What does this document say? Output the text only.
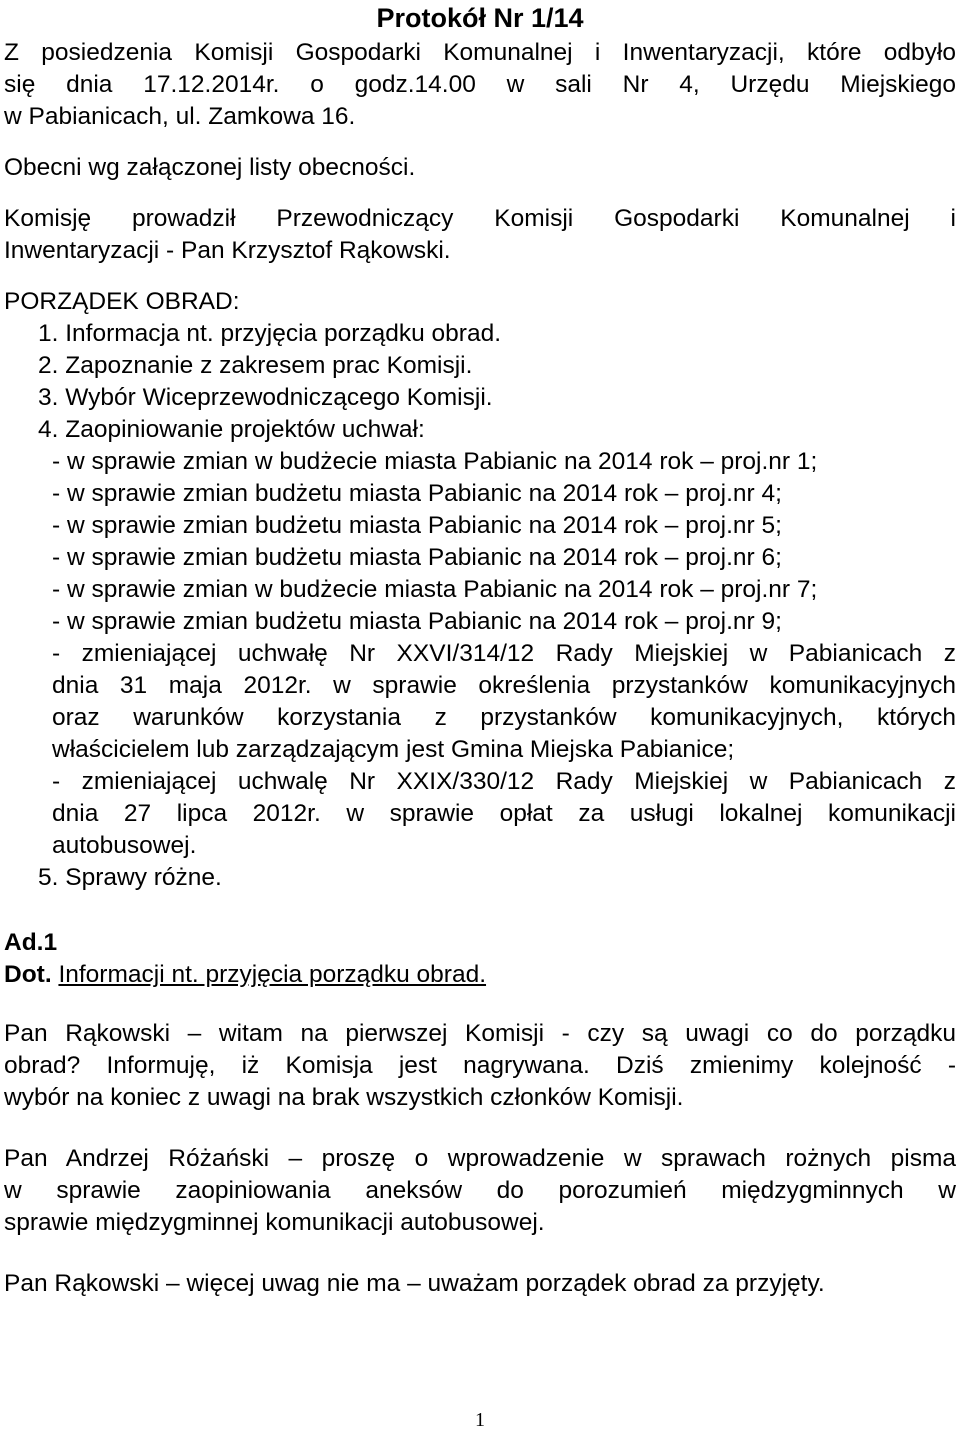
Protokół Nr 1/14
Z posiedzenia Komisji Gospodarki Komunalnej i Inwentaryzacji, które odbyło
się dnia 17.12.2014r. o godz.14.00 w sali Nr 4, Urzędu Miejskiego
w Pabianicach, ul. Zamkowa 16.
Obecni wg załączonej listy obecności.
Komisję prowadził Przewodniczący Komisji Gospodarki Komunalnej i
Inwentaryzacji - Pan Krzysztof Rąkowski.
PORZĄDEK OBRAD:
1. Informacja nt. przyjęcia porządku obrad.
2. Zapoznanie z zakresem prac Komisji.
3. Wybór Wiceprzewodniczącego Komisji.
4. Zaopiniowanie projektów uchwał:
- w sprawie zmian w budżecie miasta Pabianic na 2014 rok – proj.nr 1;
- w sprawie zmian budżetu miasta Pabianic na 2014 rok – proj.nr 4;
- w sprawie zmian budżetu miasta Pabianic na 2014 rok – proj.nr 5;
- w sprawie zmian budżetu miasta Pabianic na 2014 rok – proj.nr 6;
- w sprawie zmian w budżecie miasta Pabianic na 2014 rok – proj.nr 7;
- w sprawie zmian budżetu miasta Pabianic na 2014 rok – proj.nr 9;
- zmieniającej uchwałę Nr XXVI/314/12 Rady Miejskiej w Pabianicach z
dnia 31 maja 2012r. w sprawie określenia przystanków komunikacyjnych
oraz warunków korzystania z przystanków komunikacyjnych, których
właścicielem lub zarządzającym jest Gmina Miejska Pabianice;
- zmieniającej uchwalę Nr XXIX/330/12 Rady Miejskiej w Pabianicach z
dnia 27 lipca 2012r. w sprawie opłat za usługi lokalnej komunikacji
autobusowej.
5. Sprawy różne.
Ad.1
Dot. Informacji nt. przyjęcia porządku obrad.
Pan Rąkowski – witam na pierwszej Komisji - czy są uwagi co do porządku
obrad? Informuję, iż Komisja jest nagrywana. Dziś zmienimy kolejność -
wybór na koniec z uwagi na brak wszystkich członków Komisji.
Pan Andrzej Różański – proszę o wprowadzenie w sprawach rożnych pisma
w sprawie zaopiniowania aneksów do porozumień międzygminnych w
sprawie międzygminnej komunikacji autobusowej.
Pan Rąkowski – więcej uwag nie ma – uważam porządek obrad za przyjęty.
1
